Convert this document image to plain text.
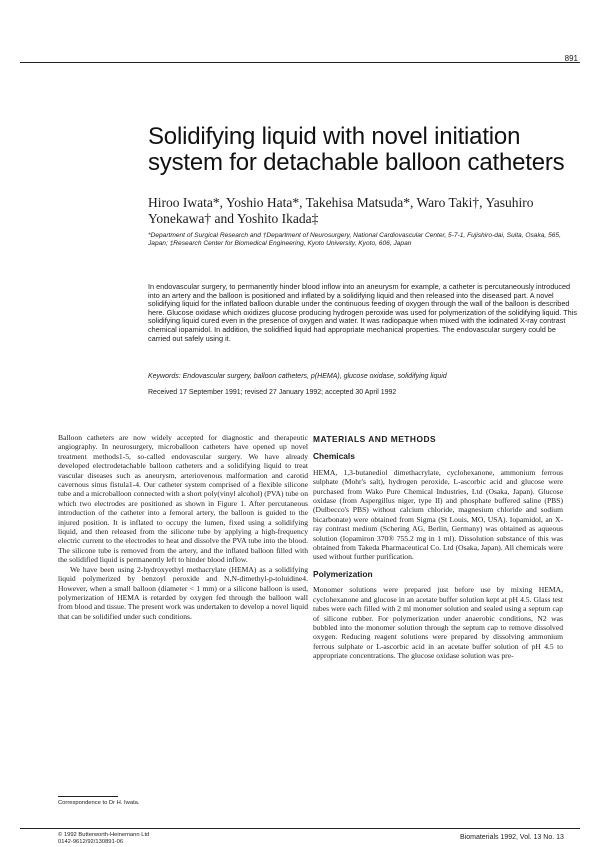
891
Solidifying liquid with novel initiation system for detachable balloon catheters

Hiroo Iwata*, Yoshio Hata*, Takehisa Matsuda*, Waro Taki†, Yasuhiro Yonekawa† and Yoshito Ikada‡

*Department of Surgical Research and †Department of Neurosurgery, National Cardiovascular Center, 5-7-1, Fujishiro-dai, Suita, Osaka, 565, Japan; ‡Research Center for Biomedical Engineering, Kyoto University, Kyoto, 606, Japan

In endovascular surgery, to permanently hinder blood inflow into an aneurysm for example, a catheter is percutaneously introduced into an artery and the balloon is positioned and inflated by a solidifying liquid and then released into the diseased part. A novel solidifying liquid for the inflated balloon durable under the continuous feeding of oxygen through the wall of the balloon is described here. Glucose oxidase which oxidizes glucose producing hydrogen peroxide was used for polymerization of the solidifying liquid. This solidifying liquid cured even in the presence of oxygen and water. It was radiopaque when mixed with the iodinated X-ray contrast chemical iopamidol. In addition, the solidified liquid had appropriate mechanical properties. The endovascular surgery could be carried out safely using it.

Keywords: Endovascular surgery, balloon catheters, p(HEMA), glucose oxidase, solidifying liquid

Received 17 September 1991; revised 27 January 1992; accepted 30 April 1992

Balloon catheters are now widely accepted for diagnostic and therapeutic angiography. In neurosurgery, microballoon catheters have opened up novel treatment methods1-5, so-called endovascular surgery. We have already developed electrodetachable balloon catheters and a solidifying liquid to treat vascular diseases such as aneurysm, arteriovenous malformation and carotid cavernous sinus fistula1-4. Our catheter system comprised of a flexible silicone tube and a microballoon connected with a short poly(vinyl alcohol) (PVA) tube on which two electrodes are positioned as shown in Figure 1. After percutaneous introduction of the catheter into a femoral artery, the balloon is guided to the injured position. It is inflated to occupy the lumen, fixed using a solidifying liquid, and then released from the silicone tube by applying a high-frequency electric current to the electrodes to heat and dissolve the PVA tube into the blood. The silicone tube is removed from the artery, and the inflated balloon filled with the solidified liquid is permanently left to hinder blood inflow.

We have been using 2-hydroxyethyl methacrylate (HEMA) as a solidifying liquid polymerized by benzoyl peroxide and N,N-dimethyl-p-toluidine4. However, when a small balloon (diameter < 1 mm) or a silicone balloon is used, polymerization of HEMA is retarded by oxygen fed through the balloon wall from blood and tissue. The present work was undertaken to develop a novel liquid that can be solidified under such conditions.

MATERIALS AND METHODS
Chemicals

HEMA, 1,3-butanediol dimethacrylate, cyclohexanone, ammonium ferrous sulphate (Mohr's salt), hydrogen peroxide, L-ascorbic acid and glucose were purchased from Wako Pure Chemical Industries, Ltd (Osaka, Japan). Glucose oxidase (from Aspergillus niger, type II) and phosphate buffered saline (PBS) (Dulbecco's PBS) without calcium chloride, magnesium chloride and sodium bicarbonate) were obtained from Sigma (St Louis, MO, USA). Iopamidol, an X-ray contrast medium (Schering AG, Berlin, Germany) was obtained as aqueous solution (Iopamiron 370® 755.2 mg in 1 ml). Dissolution substance of this was obtained from Takeda Pharmaceutical Co. Ltd (Osaka, Japan). All chemicals were used without further purification.

Polymerization

Monomer solutions were prepared just before use by mixing HEMA, cyclohexanone and glucose in an acetate buffer solution kept at pH 4.5. Glass test tubes were each filled with 2 ml monomer solution and sealed using a septum cap of silicone rubber. For polymerization under anaerobic conditions, N2 was bubbled into the monomer solution through the septum cap to remove dissolved oxygen. Reducing reagent solutions were prepared by dissolving ammonium ferrous sulphate or L-ascorbic acid in an acetate buffer solution of pH 4.5 to appropriate concentrations. The glucose oxidase solution was pre-

Correspondence to Dr H. Iwata.
© 1992 Butterworth-Heinemann Ltd
0142-9612/92/130891-06
Biomaterials 1992, Vol. 13 No. 13
